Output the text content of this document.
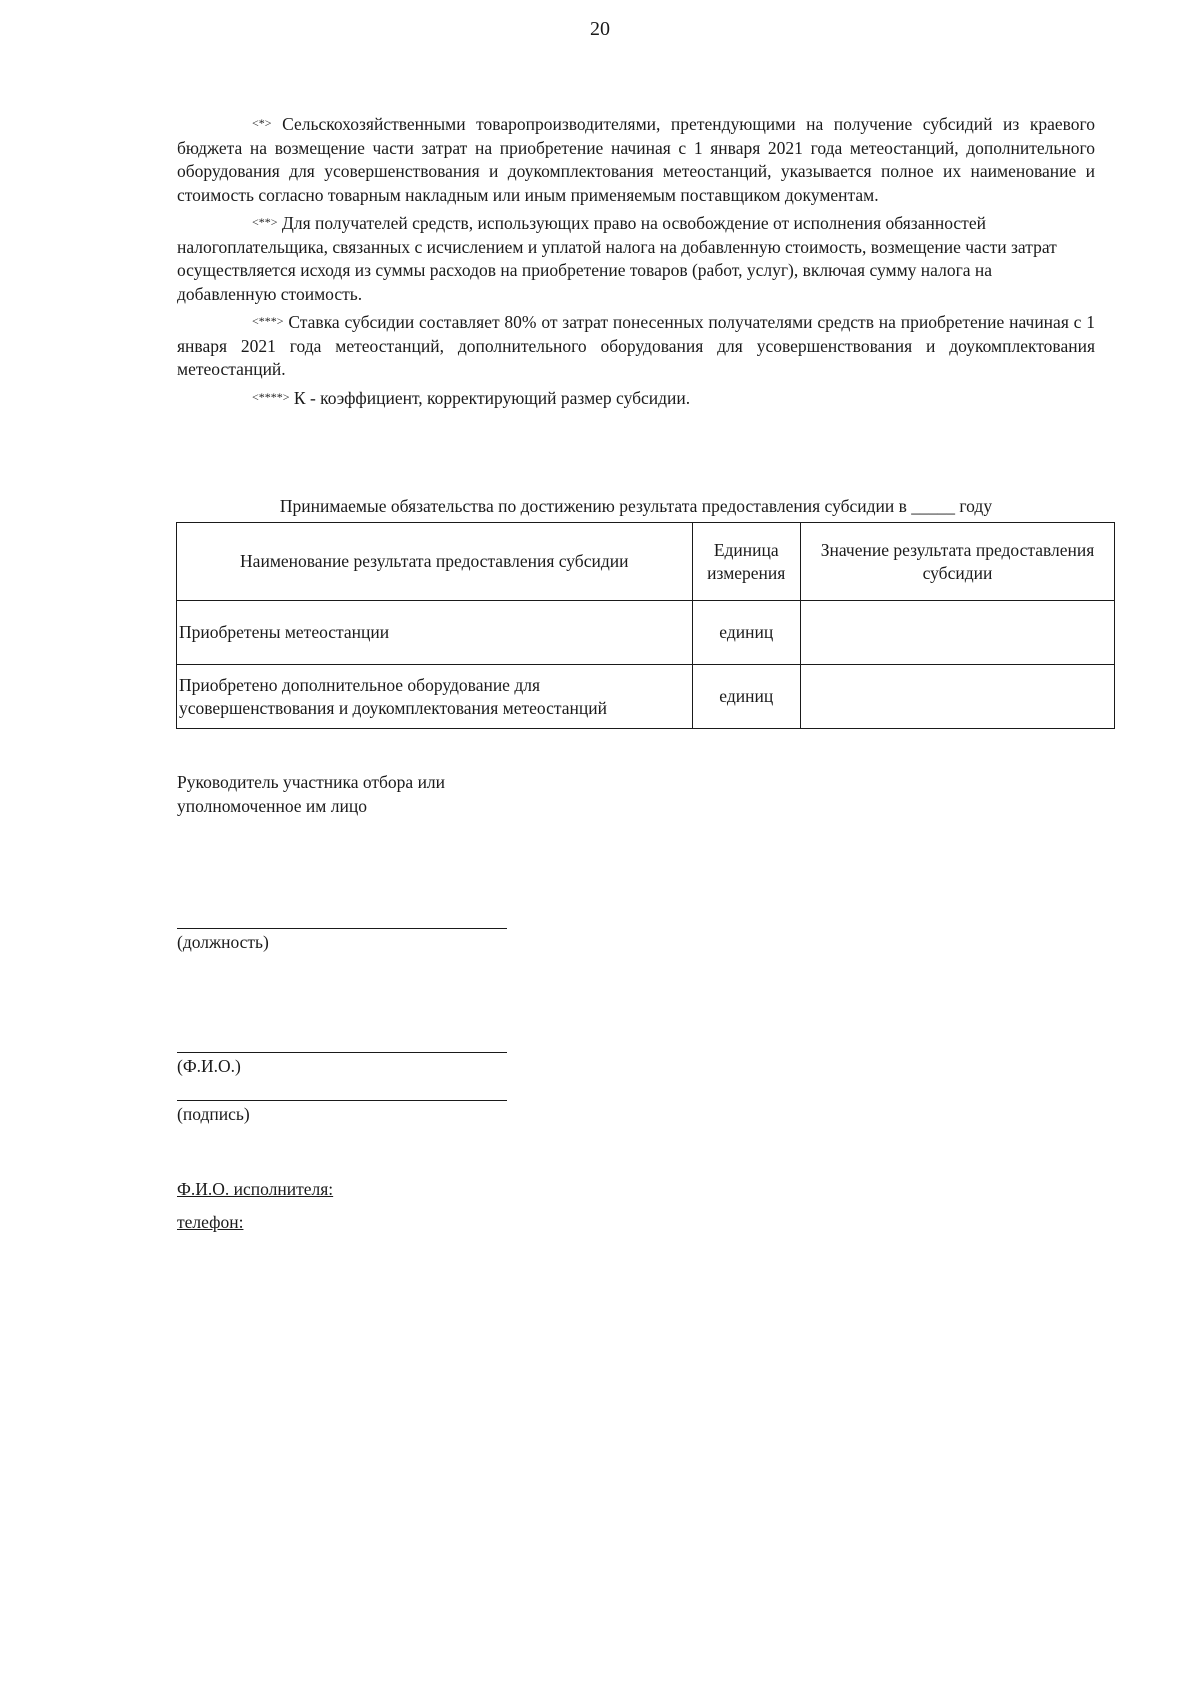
20

<*> Сельскохозяйственными товаропроизводителями, претендующими на получение субсидий из краевого бюджета на возмещение части затрат на приобретение начиная с 1 января 2021 года метеостанций, дополнительного оборудования для усовершенствования и доукомплектования метеостанций, указывается полное их наименование и стоимость согласно товарным накладным или иным применяемым поставщиком документам.

<**> Для получателей средств, использующих право на освобождение от исполнения обязанностей налогоплательщика, связанных с исчислением и уплатой налога на добавленную стоимость, возмещение части затрат осуществляется исходя из суммы расходов на приобретение товаров (работ, услуг), включая сумму налога на добавленную стоимость.

<***> Ставка субсидии составляет 80% от затрат понесенных получателями средств на приобретение начиная с 1 января 2021 года метеостанций, дополнительного оборудования для усовершенствования и доукомплектования метеостанций.

<****> К - коэффициент, корректирующий размер субсидии.

Принимаемые обязательства по достижению результата предоставления субсидии в _____ году
Наименование результата предоставления субсидии	Единица измерения	Значение результата предоставления субсидии
Приобретены метеостанции	единиц	
Приобретено дополнительное оборудование для усовершенствования и доукомплектования метеостанций	единиц	
Руководитель участника отбора или уполномоченное им лицо
(должность)
(Ф.И.О.)
(подпись)
Ф.И.О. исполнителя:
телефон:
